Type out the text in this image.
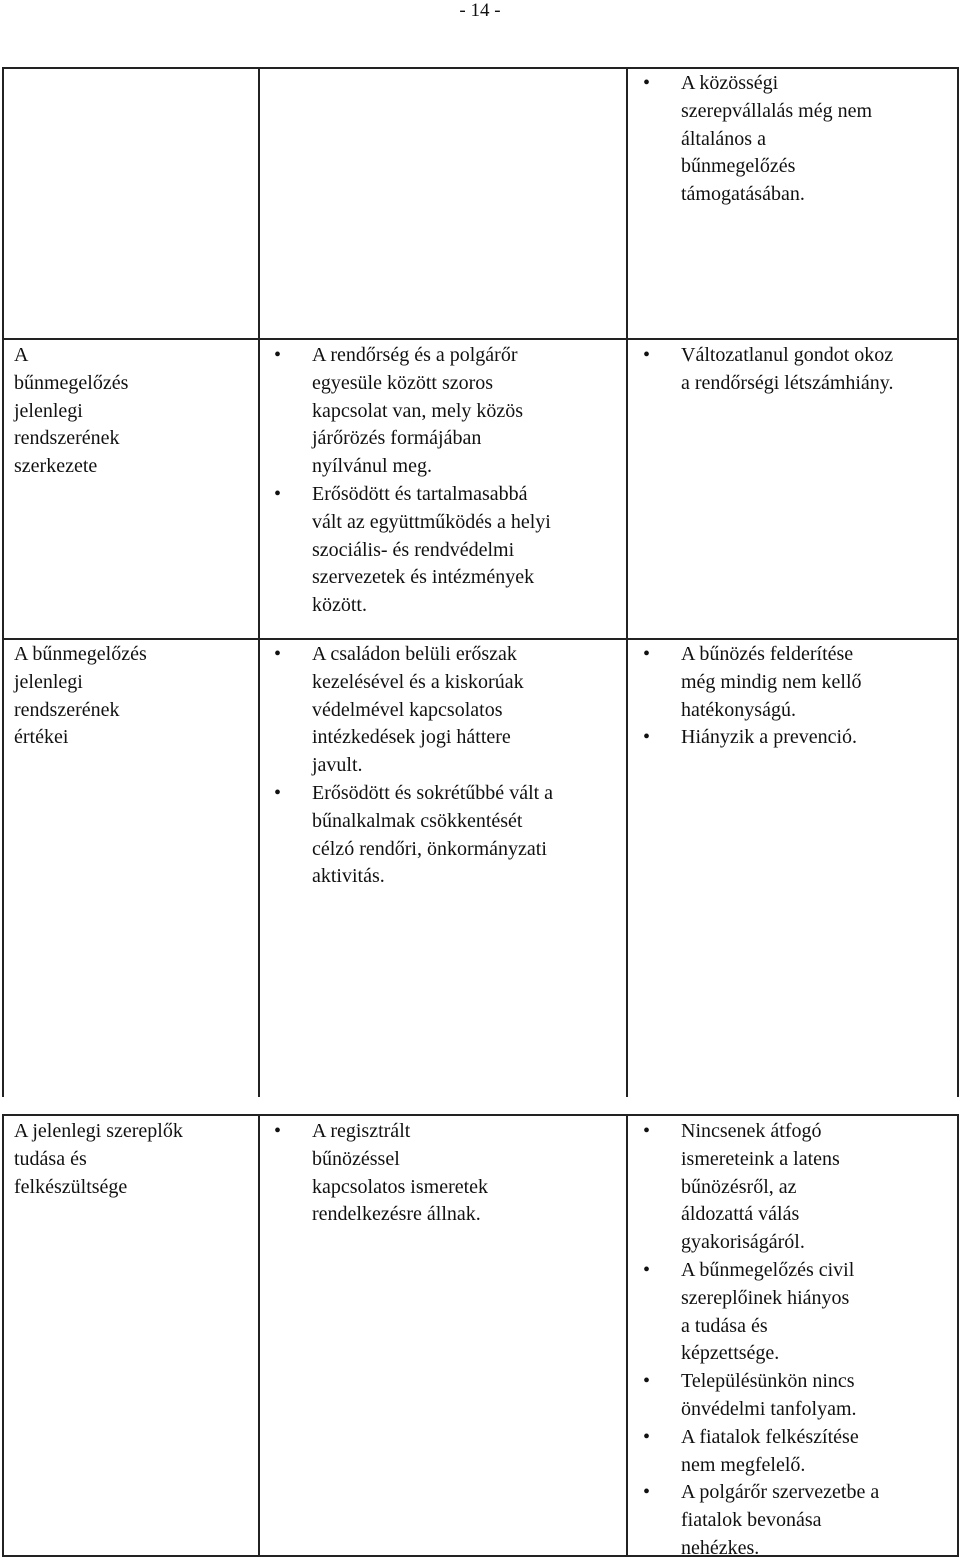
- 14 -
• A közösségi
szerepvállalás még nem
általános a
bűnmegelőzés
támogatásában.
A
bűnmegelőzés
jelenlegi
rendszerének
szerkezete
• A rendőrség és a polgárőr
egyesüle között szoros
kapcsolat van, mely közös
járőrözés formájában
nyílvánul meg.
• Erősödött és tartalmasabbá
vált az együttműködés a helyi
szociális- és rendvédelmi
szervezetek és intézmények
között.
• Változatlanul gondot okoz
a rendőrségi létszámhiány.
A bűnmegelőzés
jelenlegi
rendszerének
értékei
• A családon belüli erőszak
kezelésével és a kiskorúak
védelmével kapcsolatos
intézkedések jogi háttere
javult.
• Erősödött és sokrétűbbé vált a
bűnalkalmak csökkentését
célzó rendőri, önkormányzati
aktivitás.
• A bűnözés felderítése
még mindig nem kellő
hatékonyságú.
• Hiányzik a prevenció.
A jelenlegi szereplők
tudása és
felkészültsége
• A regisztrált
bűnözéssel
kapcsolatos ismeretek
rendelkezésre állnak.
• Nincsenek átfogó
ismereteink a latens
bűnözésről, az
áldozattá válás
gyakoriságáról.
• A bűnmegelőzés civil
szereplőinek hiányos
a tudása és
képzettsége.
• Településünkön nincs
önvédelmi tanfolyam.
• A fiatalok felkészítése
nem megfelelő.
• A polgárőr szervezetbe a
fiatalok bevonása
nehézkes.
